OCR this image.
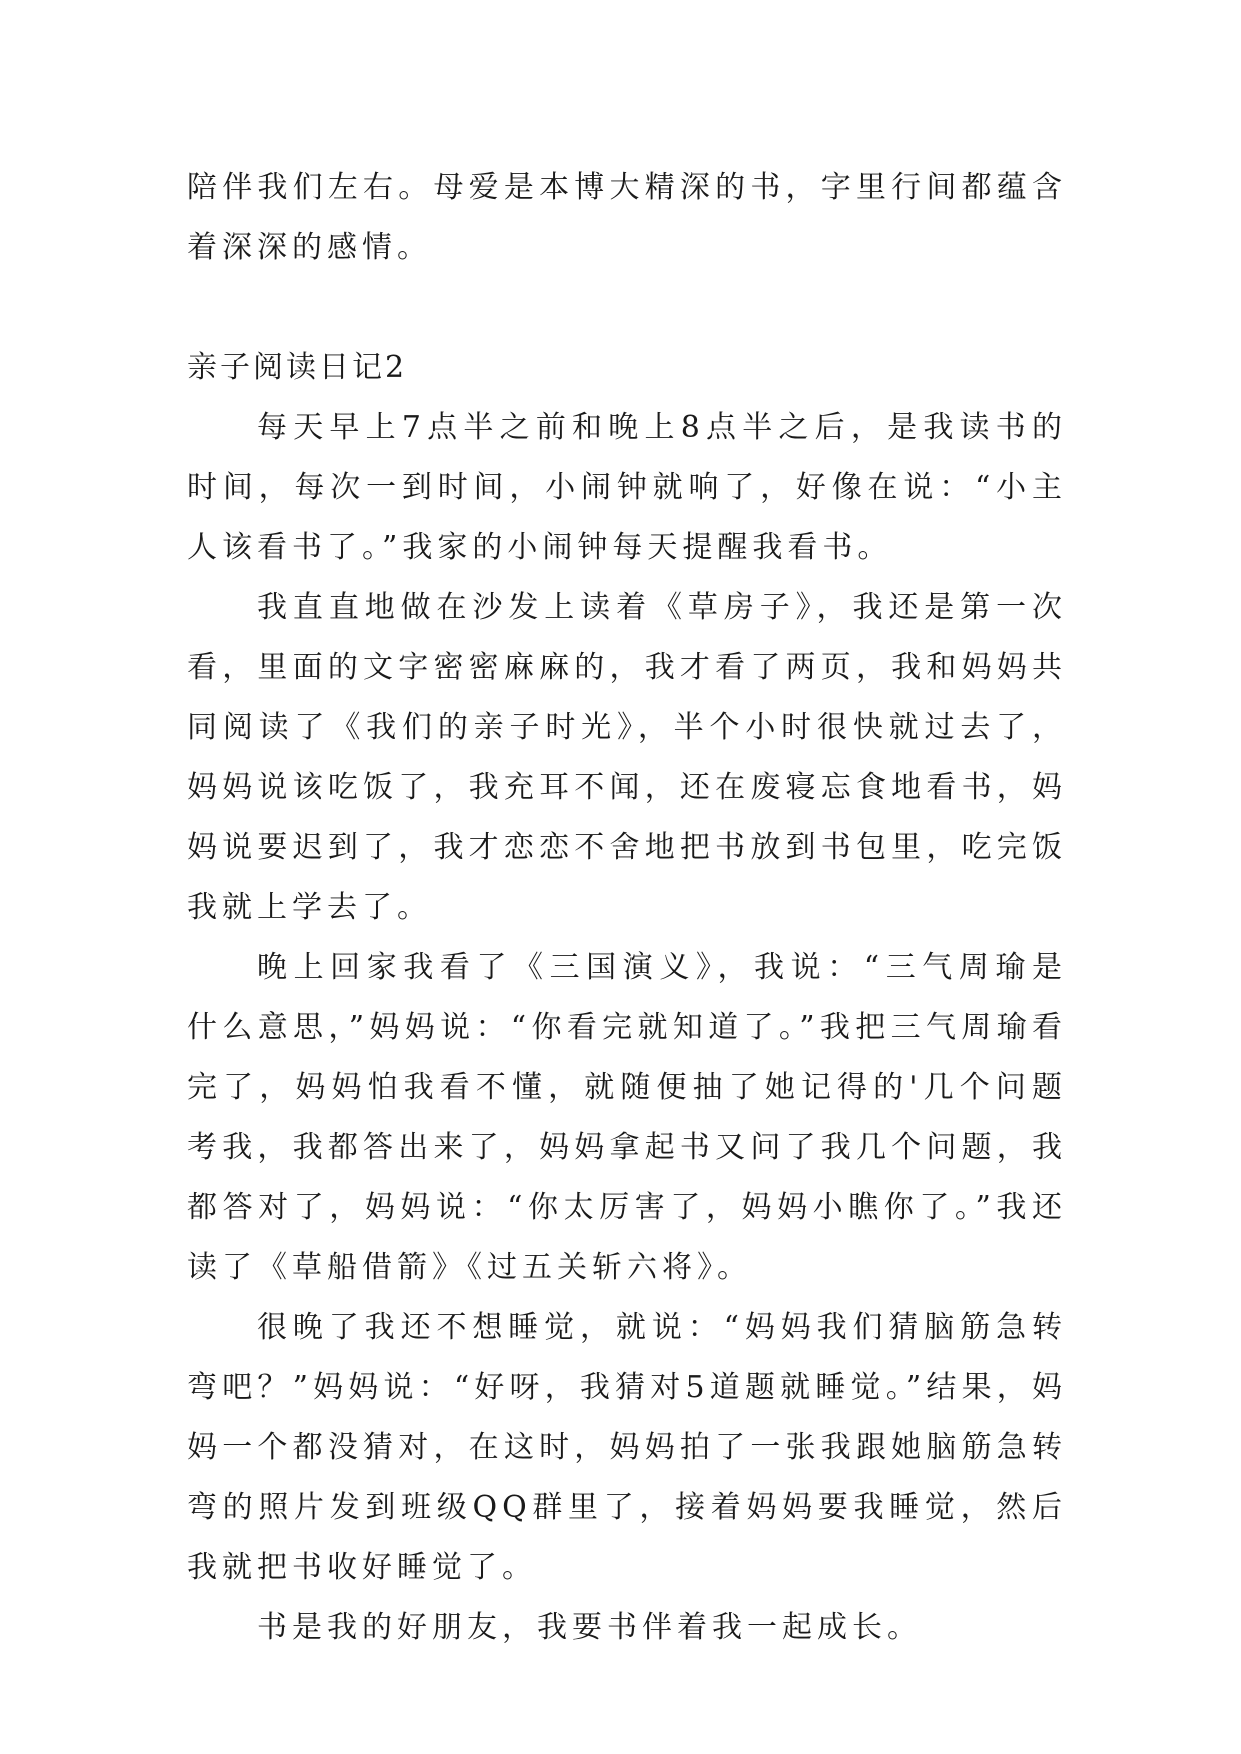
陪伴我们左右。母爱是本博大精深的书，字里行间都蕴含着深深的感情。

亲子阅读日记2

每天早上7点半之前和晚上8点半之后，是我读书的时间，每次一到时间，小闹钟就响了，好像在说：“小主人该看书了。”我家的小闹钟每天提醒我看书。

我直直地做在沙发上读着《草房子》，我还是第一次看，里面的文字密密麻麻的，我才看了两页，我和妈妈共同阅读了《我们的亲子时光》，半个小时很快就过去了，妈妈说该吃饭了，我充耳不闻，还在废寝忘食地看书，妈妈说要迟到了，我才恋恋不舍地把书放到书包里，吃完饭我就上学去了。

晚上回家我看了《三国演义》，我说：“三气周瑜是什么意思，”妈妈说：“你看完就知道了。”我把三气周瑜看完了，妈妈怕我看不懂，就随便抽了她记得的'几个问题考我，我都答出来了，妈妈拿起书又问了我几个问题，我都答对了，妈妈说：“你太厉害了，妈妈小瞧你了。”我还读了《草船借箭》《过五关斩六将》。

很晚了我还不想睡觉，就说：“妈妈我们猜脑筋急转弯吧？”妈妈说：“好呀，我猜对5道题就睡觉。”结果，妈妈一个都没猜对，在这时，妈妈拍了一张我跟她脑筋急转弯的照片发到班级QQ群里了，接着妈妈要我睡觉，然后我就把书收好睡觉了。

书是我的好朋友，我要书伴着我一起成长。
